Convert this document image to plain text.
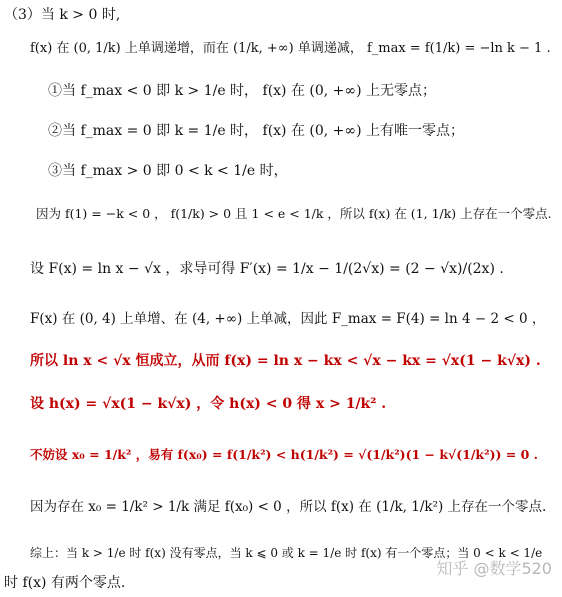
（3）当 k > 0 时,
f(x) 在 (0, 1/k) 上单调递增，而在 (1/k, +∞) 单调递减， f_max = f(1/k) = −ln k − 1 .
①当 f_max < 0 即 k > 1/e 时， f(x) 在 (0, +∞) 上无零点；
②当 f_max = 0 即 k = 1/e 时， f(x) 在 (0, +∞) 上有唯一零点；
③当 f_max > 0 即 0 < k < 1/e 时，
因为 f(1) = −k < 0 ， f(1/k) > 0 且 1 < e < 1/k ，所以 f(x) 在 (1, 1/k) 上存在一个零点.
设 F(x) = ln x − √x ，求导可得 F′(x) = 1/x − 1/(2√x) = (2 − √x)/(2x) .
F(x) 在 (0, 4) 上单增、在 (4, +∞) 上单减，因此 F_max = F(4) = ln 4 − 2 < 0 ，
所以 ln x < √x 恒成立，从而 f(x) = ln x − kx < √x − kx = √x(1 − k√x) .
设 h(x) = √x(1 − k√x) ，令 h(x) < 0 得 x > 1/k² .
不妨设 x₀ = 1/k² ，易有 f(x₀) = f(1/k²) < h(1/k²) = √(1/k²)(1 − k√(1/k²)) = 0 .
因为存在 x₀ = 1/k² > 1/k 满足 f(x₀) < 0 ，所以 f(x) 在 (1/k, 1/k²) 上存在一个零点.
综上：当 k > 1/e 时 f(x) 没有零点，当 k ⩽ 0 或 k = 1/e 时 f(x) 有一个零点；当 0 < k < 1/e
时 f(x) 有两个零点.
知乎 @数学520
